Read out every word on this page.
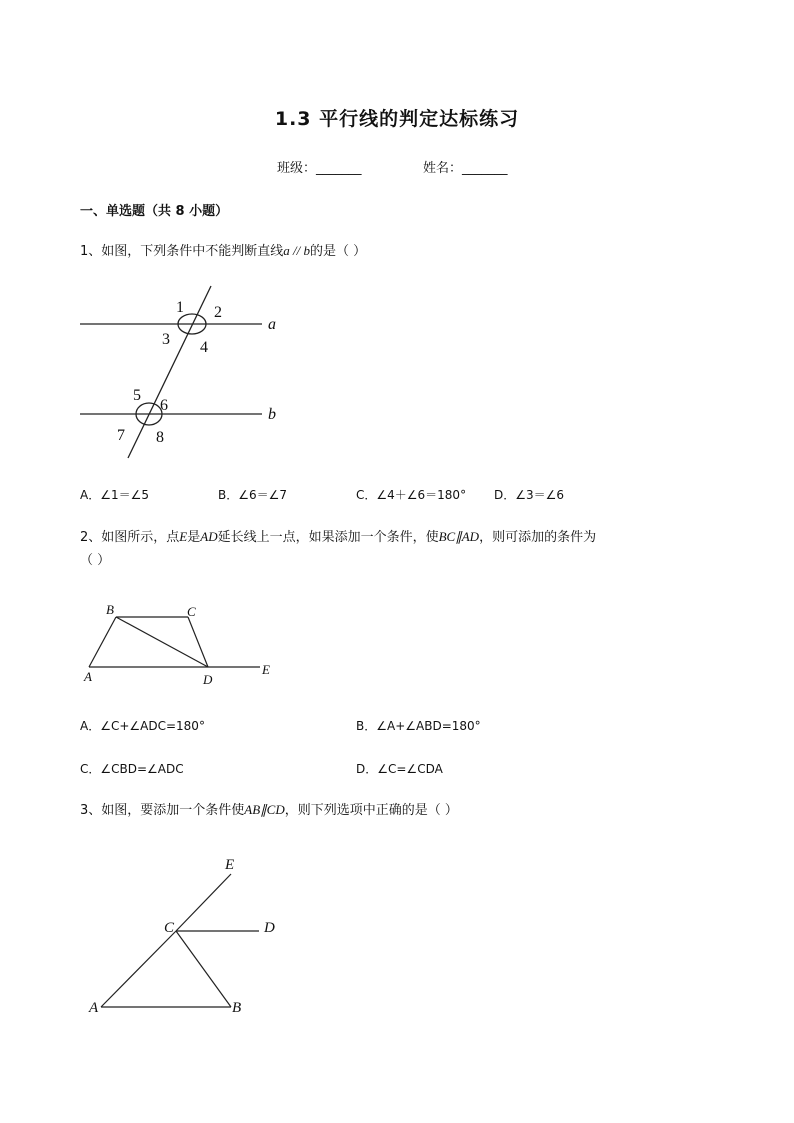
1.3 平行线的判定达标练习
班级：_______	姓名：_______
一、单选题（共 8 小题）
1、如图，下列条件中不能判断直线a // b的是（ ）
1 2
3 4
5
6
7 8
a
b
A．∠1＝∠5	B．∠6＝∠7	C．∠4＋∠6＝180° D．∠3＝∠6
2、如图所示，点E是AD延长线上一点，如果添加一个条件，使BC∥AD，则可添加的条件为
（ ）
B	C
A	D
E
A．∠C+∠ADC=180°	B．∠A+∠ABD=180°
C．∠CBD=∠ADC	D．∠C=∠CDA
3、如图，要添加一个条件使AB∥CD，则下列选项中正确的是（ ）
E
C	D
A	B
